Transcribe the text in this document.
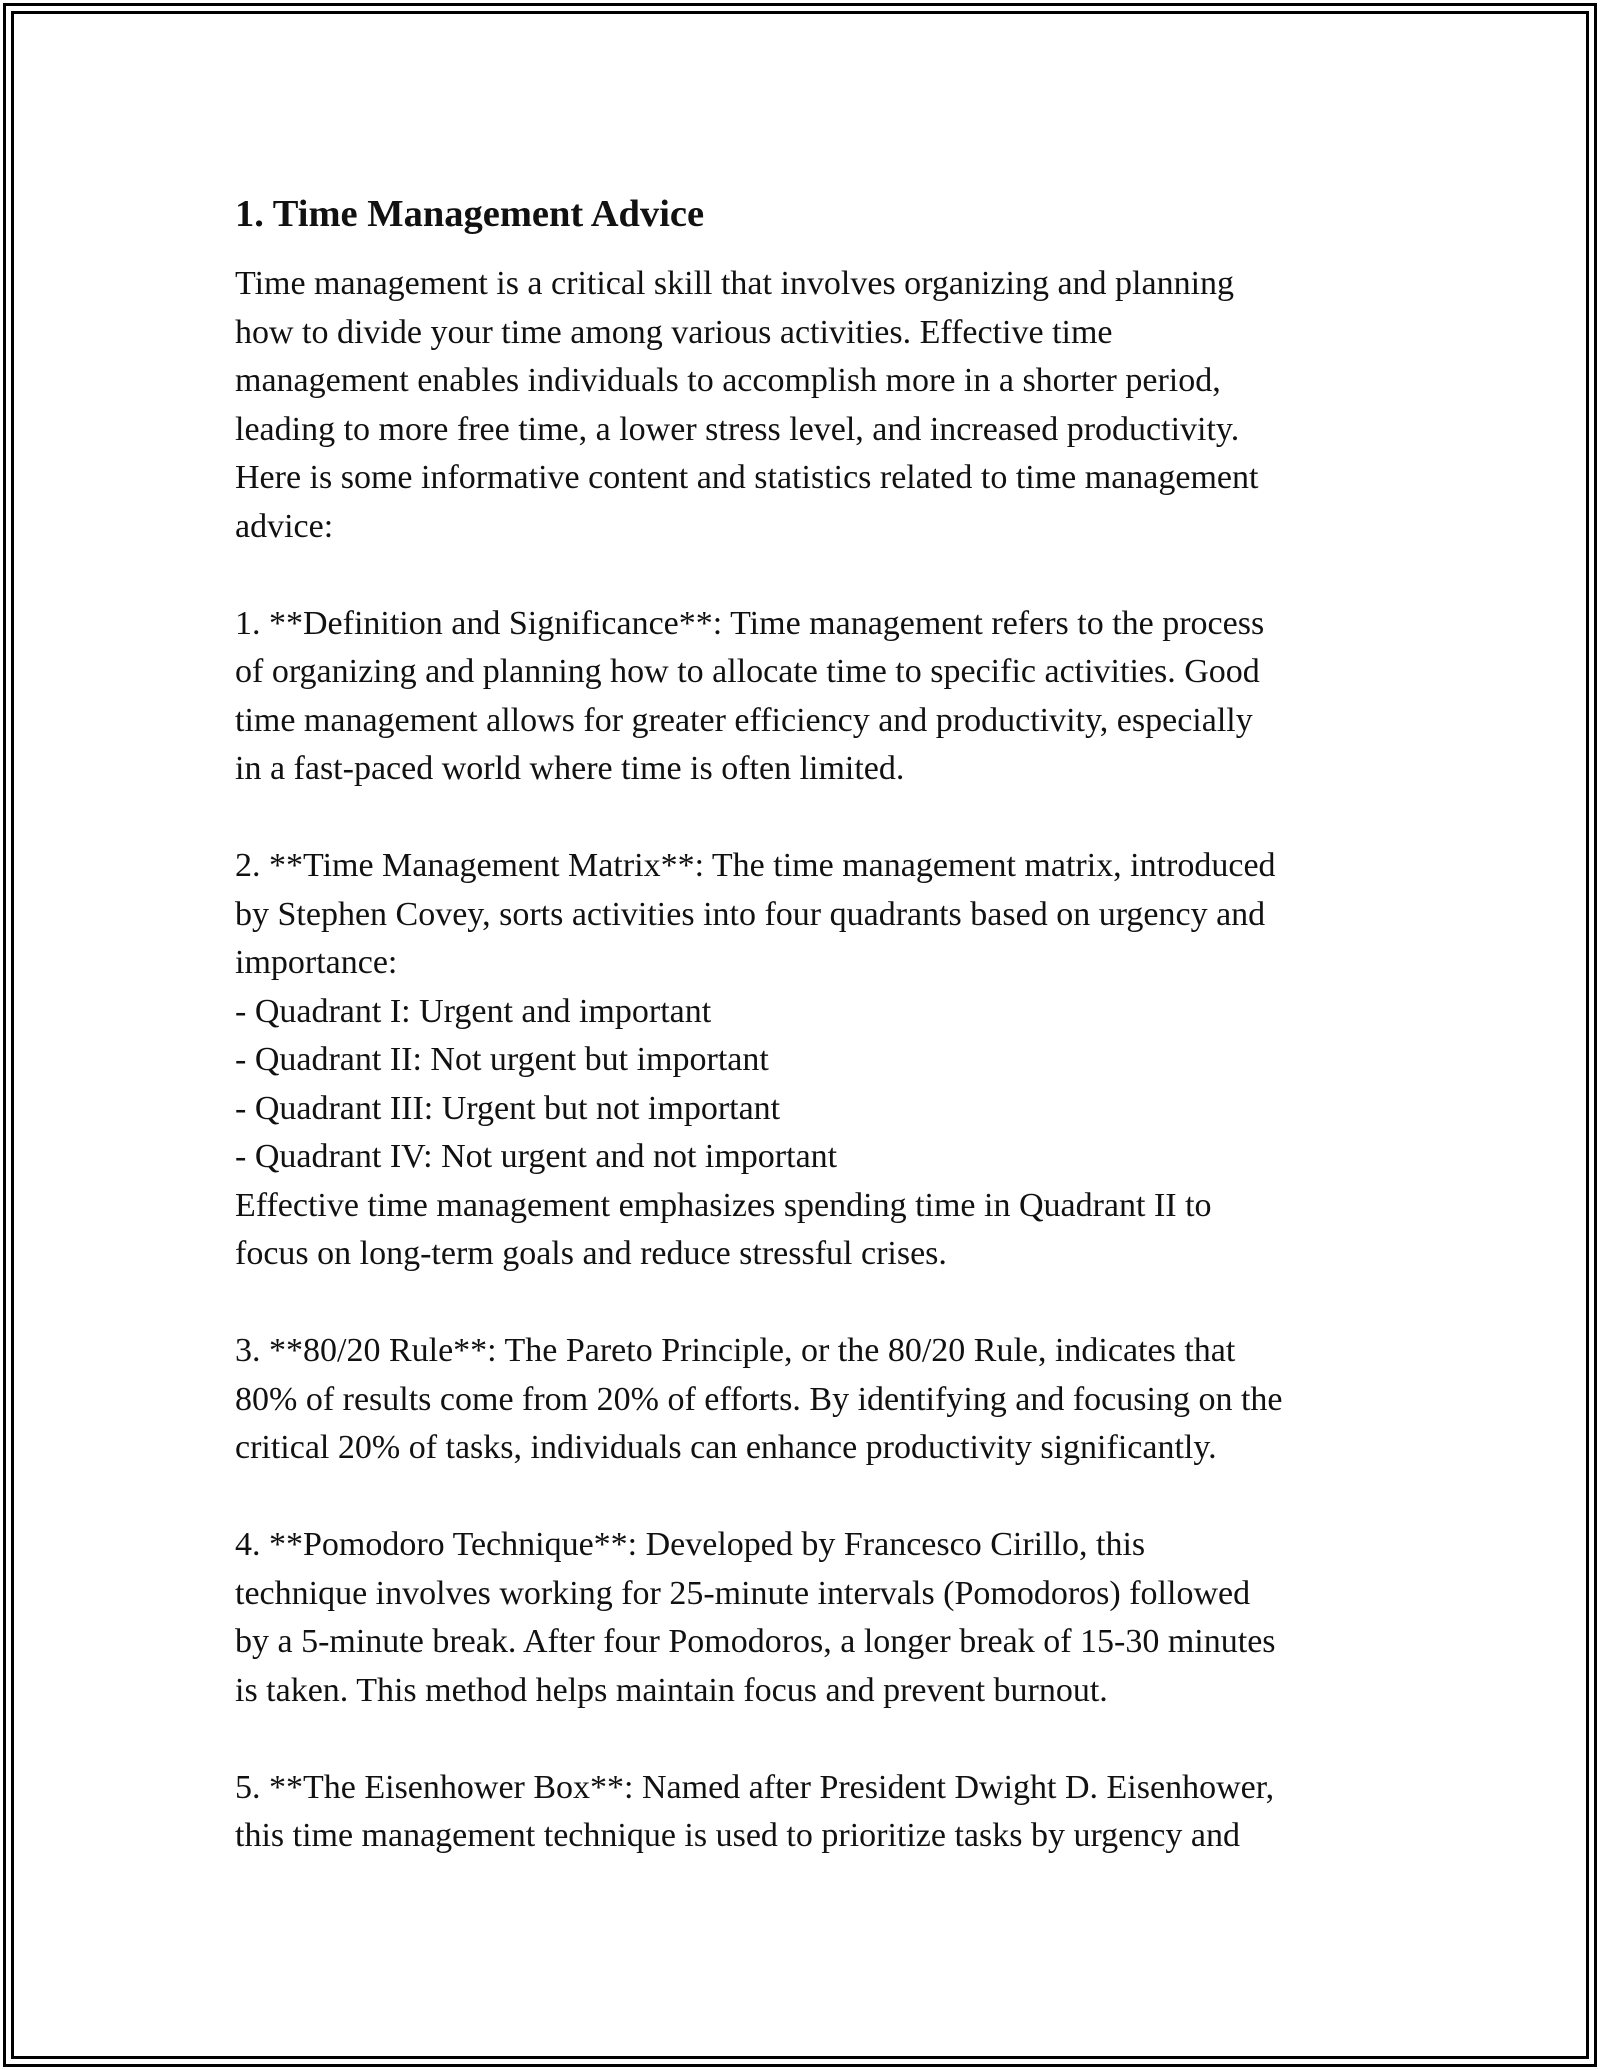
1. Time Management Advice

Time management is a critical skill that involves organizing and planning
how to divide your time among various activities. Effective time
management enables individuals to accomplish more in a shorter period,
leading to more free time, a lower stress level, and increased productivity.
Here is some informative content and statistics related to time management
advice:

1. **Definition and Significance**: Time management refers to the process
of organizing and planning how to allocate time to specific activities. Good
time management allows for greater efficiency and productivity, especially
in a fast-paced world where time is often limited.

2. **Time Management Matrix**: The time management matrix, introduced
by Stephen Covey, sorts activities into four quadrants based on urgency and
importance:
- Quadrant I: Urgent and important
- Quadrant II: Not urgent but important
- Quadrant III: Urgent but not important
- Quadrant IV: Not urgent and not important
Effective time management emphasizes spending time in Quadrant II to
focus on long-term goals and reduce stressful crises.

3. **80/20 Rule**: The Pareto Principle, or the 80/20 Rule, indicates that
80% of results come from 20% of efforts. By identifying and focusing on the
critical 20% of tasks, individuals can enhance productivity significantly.

4. **Pomodoro Technique**: Developed by Francesco Cirillo, this
technique involves working for 25-minute intervals (Pomodoros) followed
by a 5-minute break. After four Pomodoros, a longer break of 15-30 minutes
is taken. This method helps maintain focus and prevent burnout.

5. **The Eisenhower Box**: Named after President Dwight D. Eisenhower,
this time management technique is used to prioritize tasks by urgency and
